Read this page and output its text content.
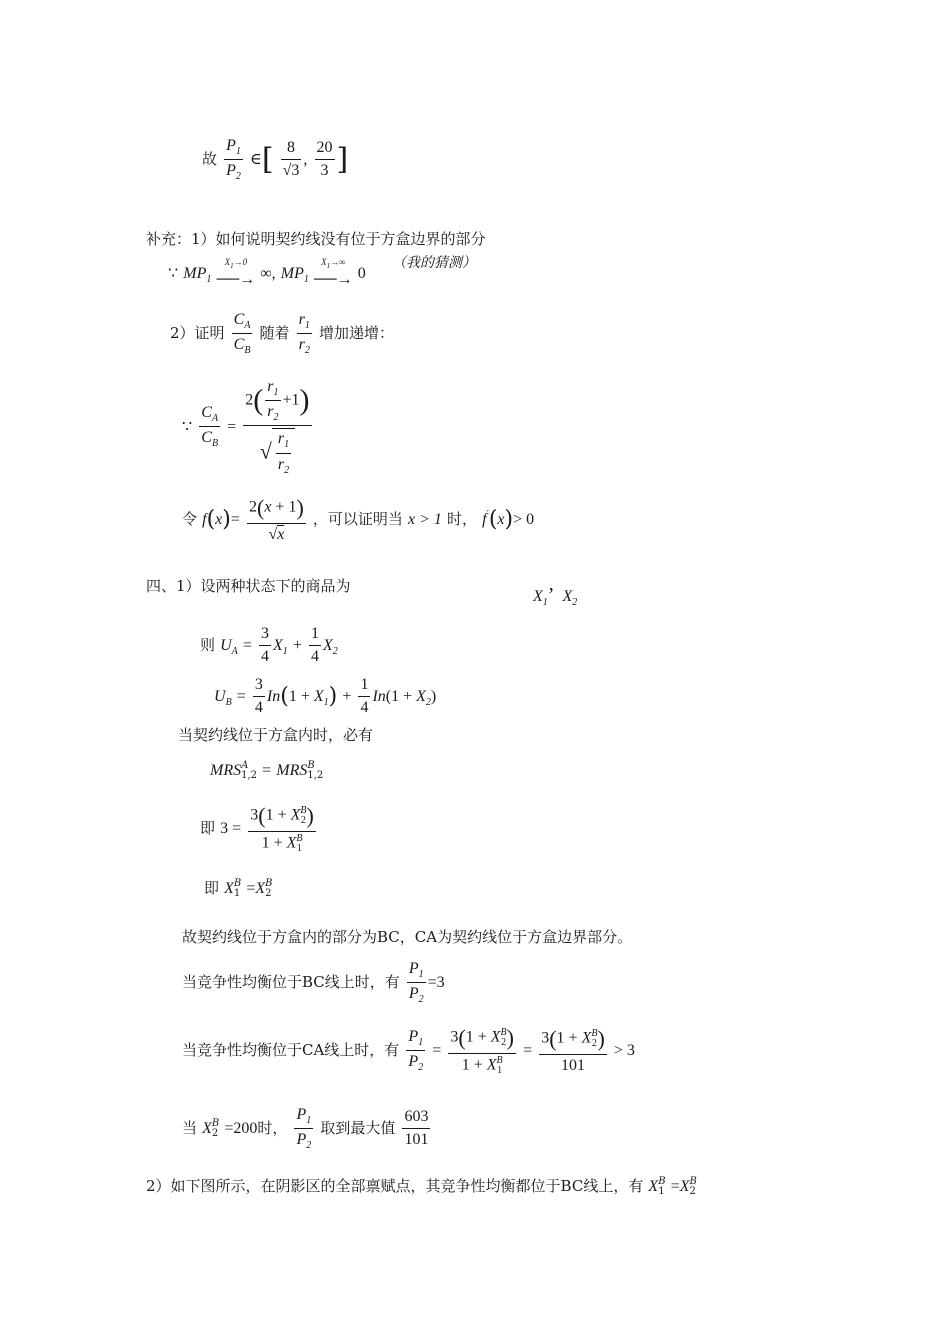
故 $\frac{P_1}{P_2}$ ∈[ $\frac{8}{√3}$ , $\frac{20}{3}$ ]
补充：1）如何说明契约线没有位于方盒边界的部分
∵ $MP_1$
$X_1\to 0$
──→ ∞, $MP_1$
$X_1\to\infty$
──→ 0
（我的猜测）
2）证明 $\frac{C_A}{C_B}$ 随着 $\frac{r_1}{r_2}$ 增加递增：
∵ $\frac{C_A}{C_B} = \frac{2( \frac{r_1}{r_2} +1)}{√ \frac{r_1}{r_2}}$
令 $f(x)= \frac{2(x + 1)}{√x}$ ，可以证明当 x > 1 时， f′(x)> 0
四、1）设两种状态下的商品为
$X_1$’  $X_2$
则 $U_A = \frac{3}{4} X_1 + \frac{1}{4} X_2$
$U_B = \frac{3}{4} In(1 + X_1) + \frac{1}{4} In(1 + X_2)$
当契约线位于方盒内时，必有
MRS A
1,2 = MRS B
1,2
即 3 = 3(1 + X B
2 )
1 + X B
1
即 X B
1 =X B
2
故契约线位于方盒内的部分为BC，CA为契约线位于方盒边界部分。
当竞争性均衡位于BC线上时，有 $\frac{P_1}{P_2} =3$
当竞争性均衡位于CA线上时，有 $\frac{P_1}{P_2} = 3(1 + X$ B
2 )
1 + X B
1 = 3(1 + X B
2 )
101 > 3
当 X B
2 =200时， $\frac{P_1}{P_2}$ 取到最大值 $\frac{603}{101}$
2）如下图所示，在阴影区的全部禀赋点，其竞争性均衡都位于BC线上，有 X B
1 =X B
2
